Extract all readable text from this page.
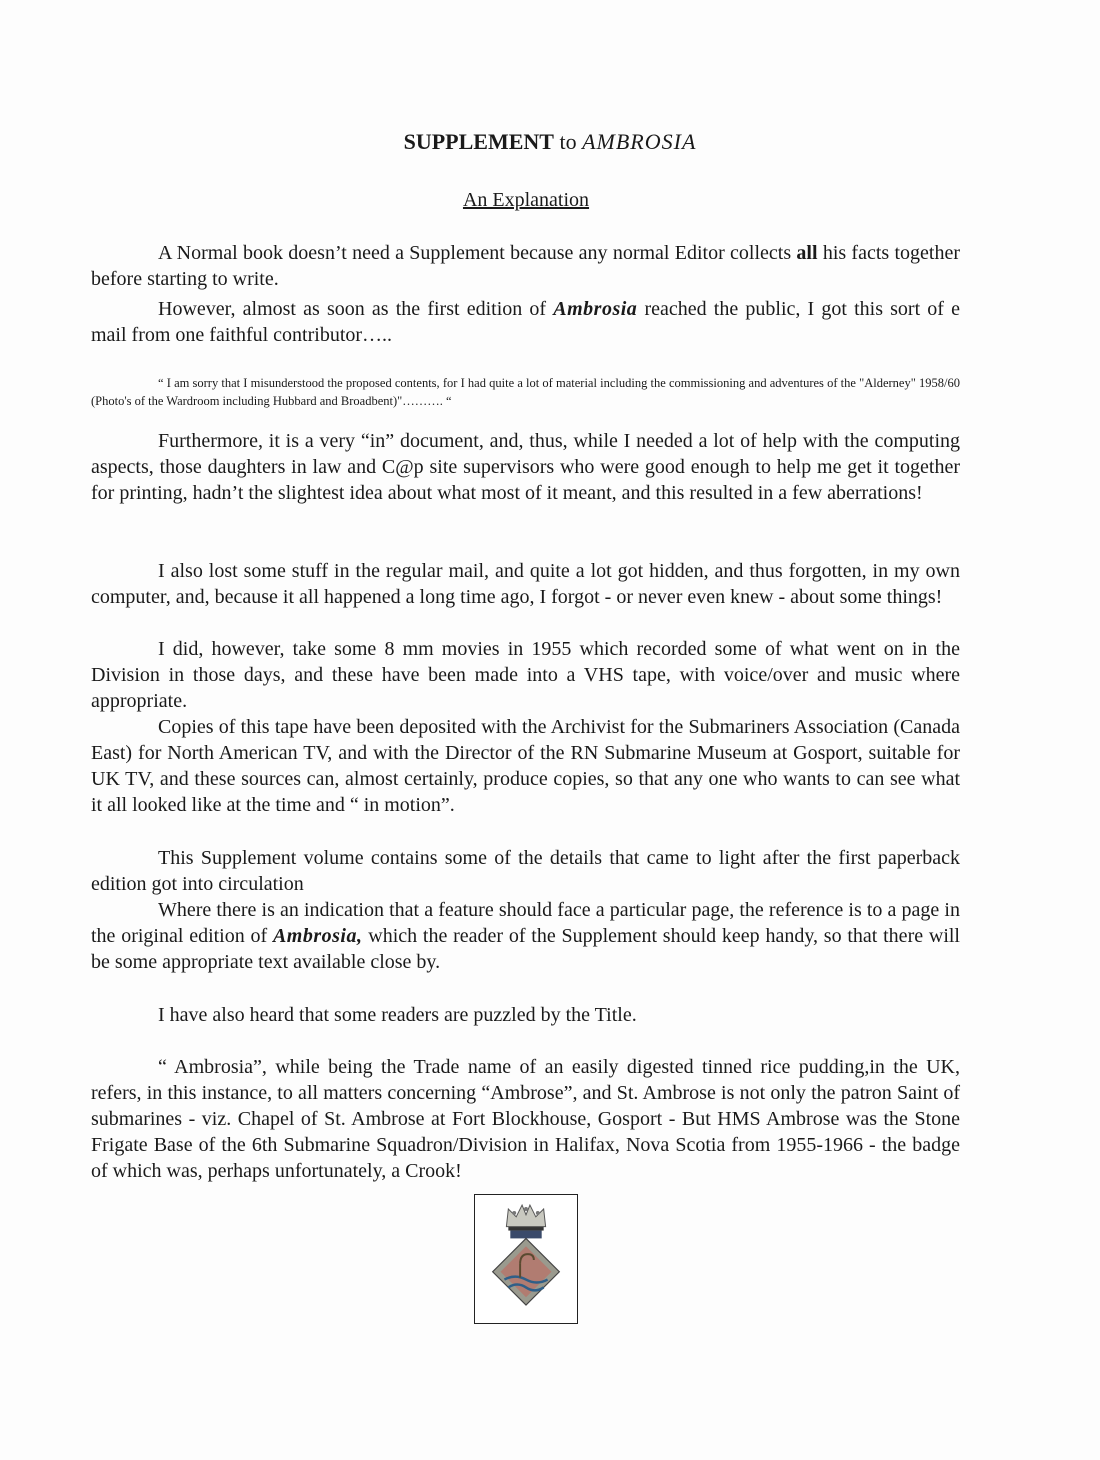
SUPPLEMENT to AMBROSIA
An Explanation

A Normal book doesn’t need a Supplement because any normal Editor collects all his facts together before starting to write.

However, almost as soon as the first edition of Ambrosia reached the public, I got this sort of e mail from one faithful contributor…..

“ I am sorry that I misunderstood the proposed contents, for I had quite a lot of material including the commissioning and adventures of the "Alderney" 1958/60 (Photo's of the Wardroom including Hubbard and Broadbent)"………. “

Furthermore, it is a very “in” document, and, thus, while I needed a lot of help with the computing aspects, those daughters in law and C@p site supervisors who were good enough to help me get it together for printing, hadn’t the slightest idea about what most of it meant, and this resulted in a few aberrations!

I also lost some stuff in the regular mail, and quite a lot got hidden, and thus forgotten, in my own computer, and, because it all happened a long time ago, I forgot - or never even knew - about some things!

I did, however, take some 8 mm movies in 1955 which recorded some of what went on in the Division in those days, and these have been made into a VHS tape, with voice/over and music where appropriate.

Copies of this tape have been deposited with the Archivist for the Submariners Association (Canada East) for North American TV, and with the Director of the RN Submarine Museum at Gosport, suitable for UK TV, and these sources can, almost certainly, produce copies, so that any one who wants to can see what it all looked like at the time and “ in motion”.

This Supplement volume contains some of the details that came to light after the first paperback edition got into circulation

Where there is an indication that a feature should face a particular page, the reference is to a page in the original edition of Ambrosia, which the reader of the Supplement should keep handy, so that there will be some appropriate text available close by.

I have also heard that some readers are puzzled by the Title.

“ Ambrosia”, while being the Trade name of an easily digested tinned rice pudding,in the UK, refers, in this instance, to all matters concerning “Ambrose”, and St. Ambrose is not only the patron Saint of submarines - viz. Chapel of St. Ambrose at Fort Blockhouse, Gosport - But HMS Ambrose was the Stone Frigate Base of the 6th Submarine Squadron/Division in Halifax, Nova Scotia from 1955-1966 - the badge of which was, perhaps unfortunately, a Crook!
